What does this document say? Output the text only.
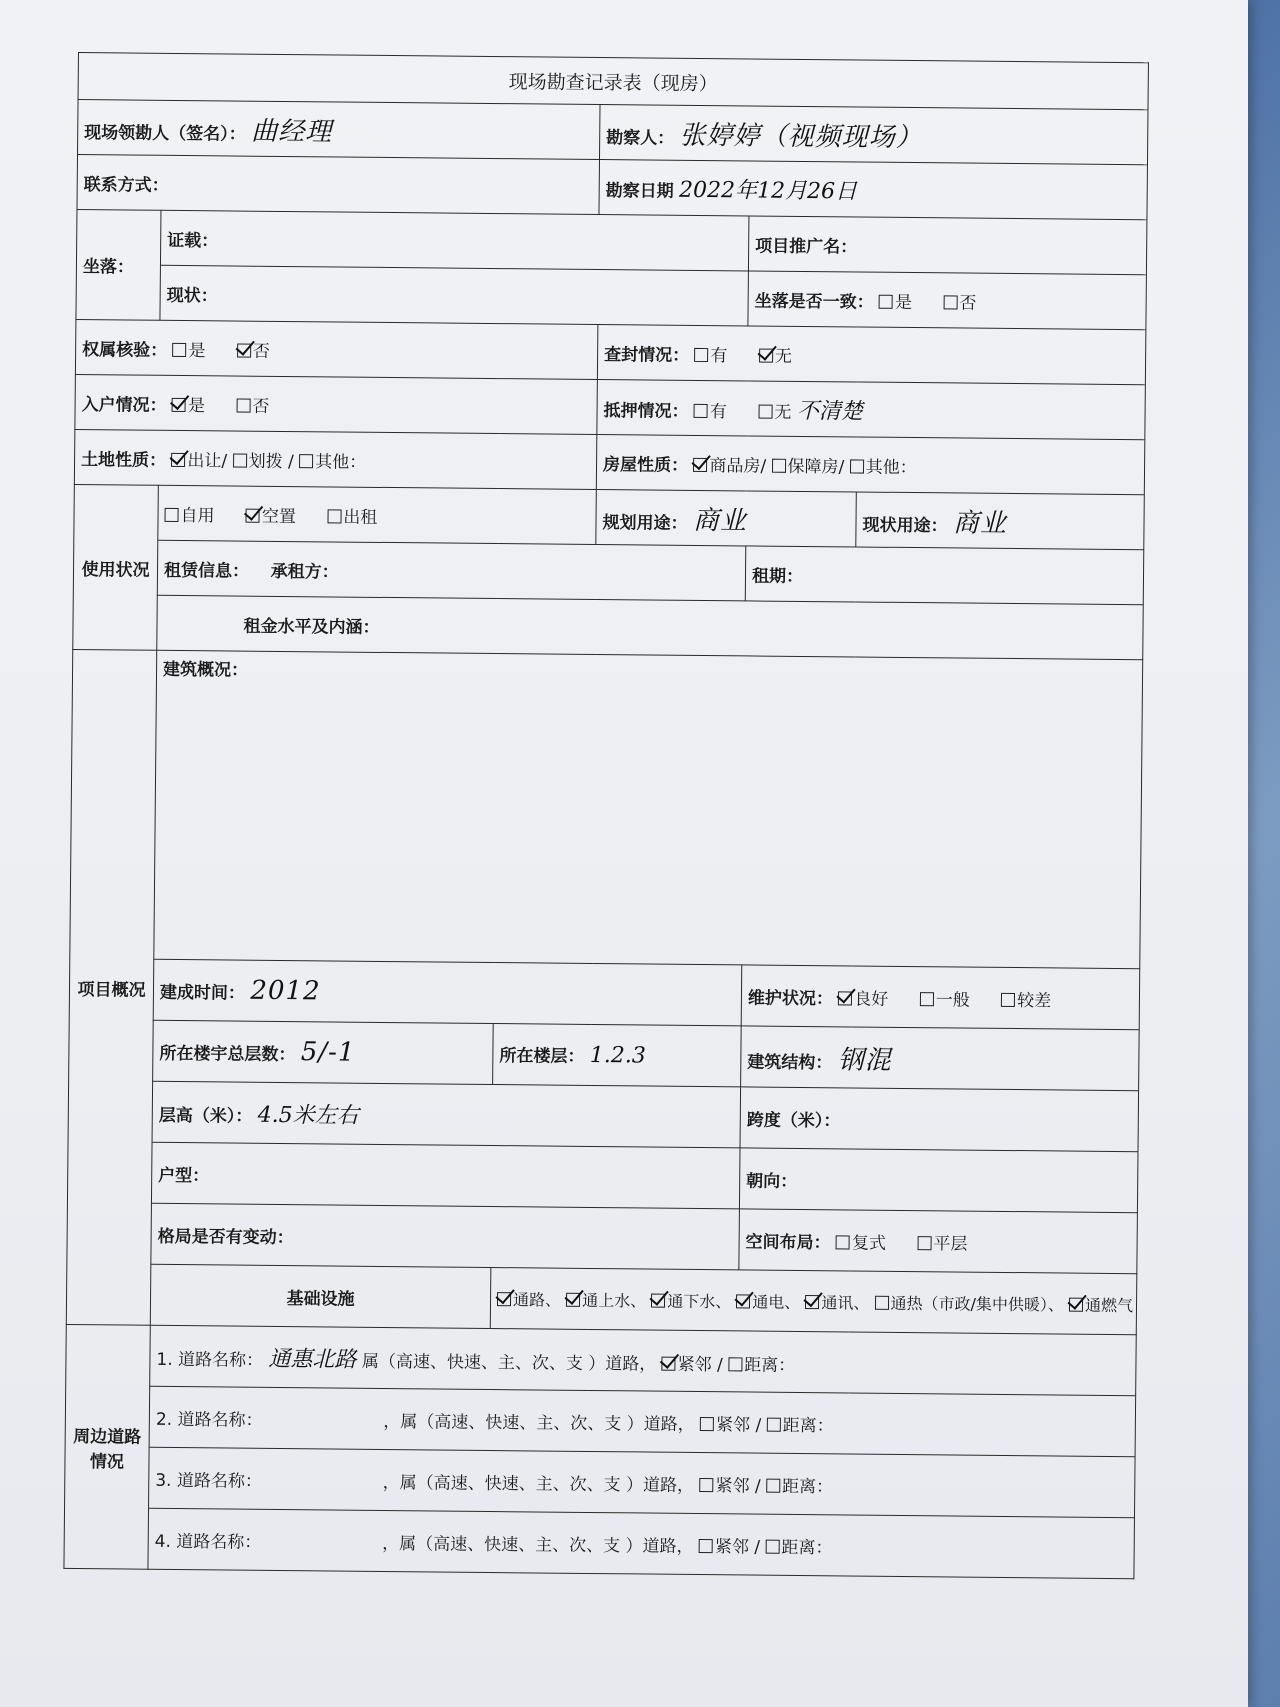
现场勘查记录表（现房）					
现场领勘人（签名）： 曲经理			勘察人： 张婷婷（视频现场）		
联系方式：			勘察日期 2022年12月26日		
坐落：	证载：			项目推广名：	
	现状：			坐落是否一致： 是 否	
权属核验： 是 否			查封情况： 有 无		
入户情况： 是 否			抵押情况： 有 无 不清楚		
土地性质： 出让/ 划拨 / 其他：			房屋性质： 商品房/ 保障房/ 其他：		
使用状况	自用 空置 出租		规划用途： 商业		现状用途： 商业
	租赁信息： 承租方：			租期：	
	租金水平及内涵：				
项目概况	建筑概况：				
	建成时间： 2012			维护状况： 良好 一般 较差	
	所在楼宇总层数： 5/-1	所在楼层： 1.2.3		建筑结构： 钢混	
	层高（米）： 4.5米左右			跨度（米）：	
	户型：			朝向：	
	格局是否有变动：			空间布局： 复式 平层	
	基础设施	通路、 通上水、 通下水、 通电、 通讯、 通热（市政/集中供暖）、 通燃气			
周边道路情况	1. 道路名称： 通惠北路 属（高速、快速、主、次、支 ）道路， 紧邻 / 距离：				
	2. 道路名称： ，属（高速、快速、主、次、支 ）道路， 紧邻 / 距离：				
	3. 道路名称： ，属（高速、快速、主、次、支 ）道路， 紧邻 / 距离：				
	4. 道路名称： ，属（高速、快速、主、次、支 ）道路， 紧邻 / 距离：				
